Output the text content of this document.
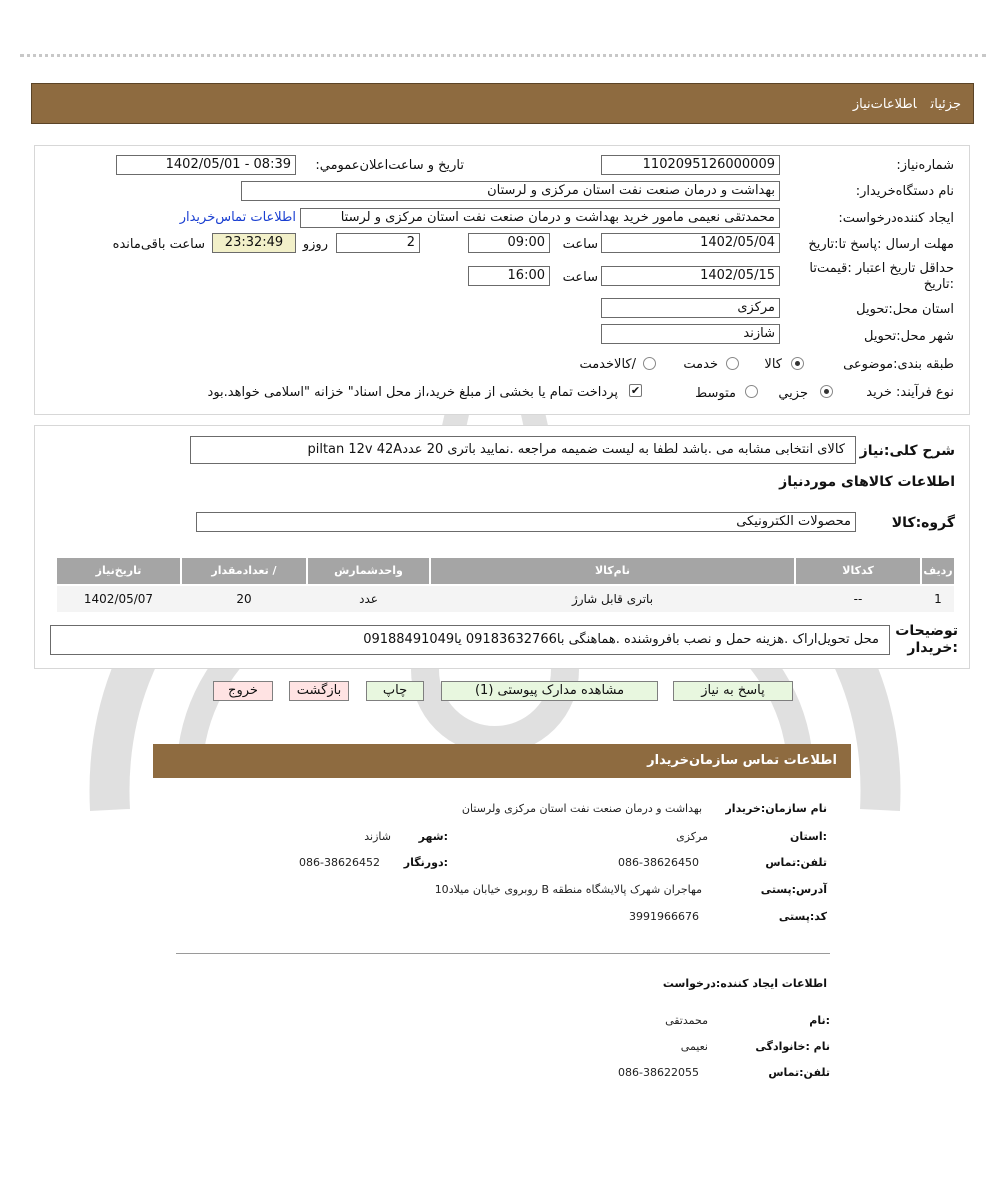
جزئیاتاطلاعات‌نیاز
شماره‌نیاز:
1102095126000009
تاریخ و ساعت‌اعلان‌عمومي:
1402/05/01 - 08:39
نام دستگاه‌خریدار:
بهداشت و درمان صنعت نفت استان مرکزی و لرستان
ایجاد کننده‌درخواست:
محمدتقی نعیمی مامور خرید بهداشت و درمان صنعت نفت استان مرکزی و لرستا
اطلاعات تماس‌خریدار
مهلت ارسال :پاسخ تا:تاریخ
1402/05/04
ساعت
09:00
2
روزو
23:32:49
ساعت باقی‌مانده
حداقل تاریخ اعتبار :قیمت‌تا :تاریخ
1402/05/15
ساعت
16:00
استان محل:تحویل
مرکزی
شهر محل:تحویل
شازند
طبقه بندی:موضوعی
کالا
خدمت
/کالاخدمت
نوع فرآیند: خرید
جزيي
متوسط
✔
پرداخت تمام یا بخشی از مبلغ خرید،از محل اسناد" خزانه "اسلامی خواهد.بود
شرح کلی:نیاز
کالای انتخابی مشابه می .باشد لطفا به لیست ضمیمه مراجعه .نمایید باتری 20 عددpiltan 12v 42A
اطلاعات کالاهای موردنیاز
گروه:کالا
محصولات الکترونیکی
ردیف
کدکالا
نام‌کالا
واحدشمارش
/ تعدادمقدار
تاریخ‌نیاز
1
--
باتری قابل شارژ
عدد
20
1402/05/07
توضیحات :خریدار
محل تحویل‌اراک .هزینه حمل و نصب بافروشنده .هماهنگی با09183632766 یا09188491049
پاسخ به نیاز
مشاهده مدارک پیوستی (1)
چاپ
بازگشت
خروج
اطلاعات تماس سازمان‌خریدار
نام سازمان:خریدار
بهداشت و درمان صنعت نفت استان مرکزی ولرستان
:استان
مرکزی
:شهر
شازند
تلفن:تماس
086-38626450
:دورنگار
086-38626452
آدرس:پستی
مهاجران شهرک پالایشگاه منطقه B روبروی خیابان میلاد10
کد:پستی
3991966676
اطلاعات ایجاد کننده:درخواست
:نام
محمدتقی
نام :خانوادگی
نعیمی
تلفن:تماس
086-38622055
